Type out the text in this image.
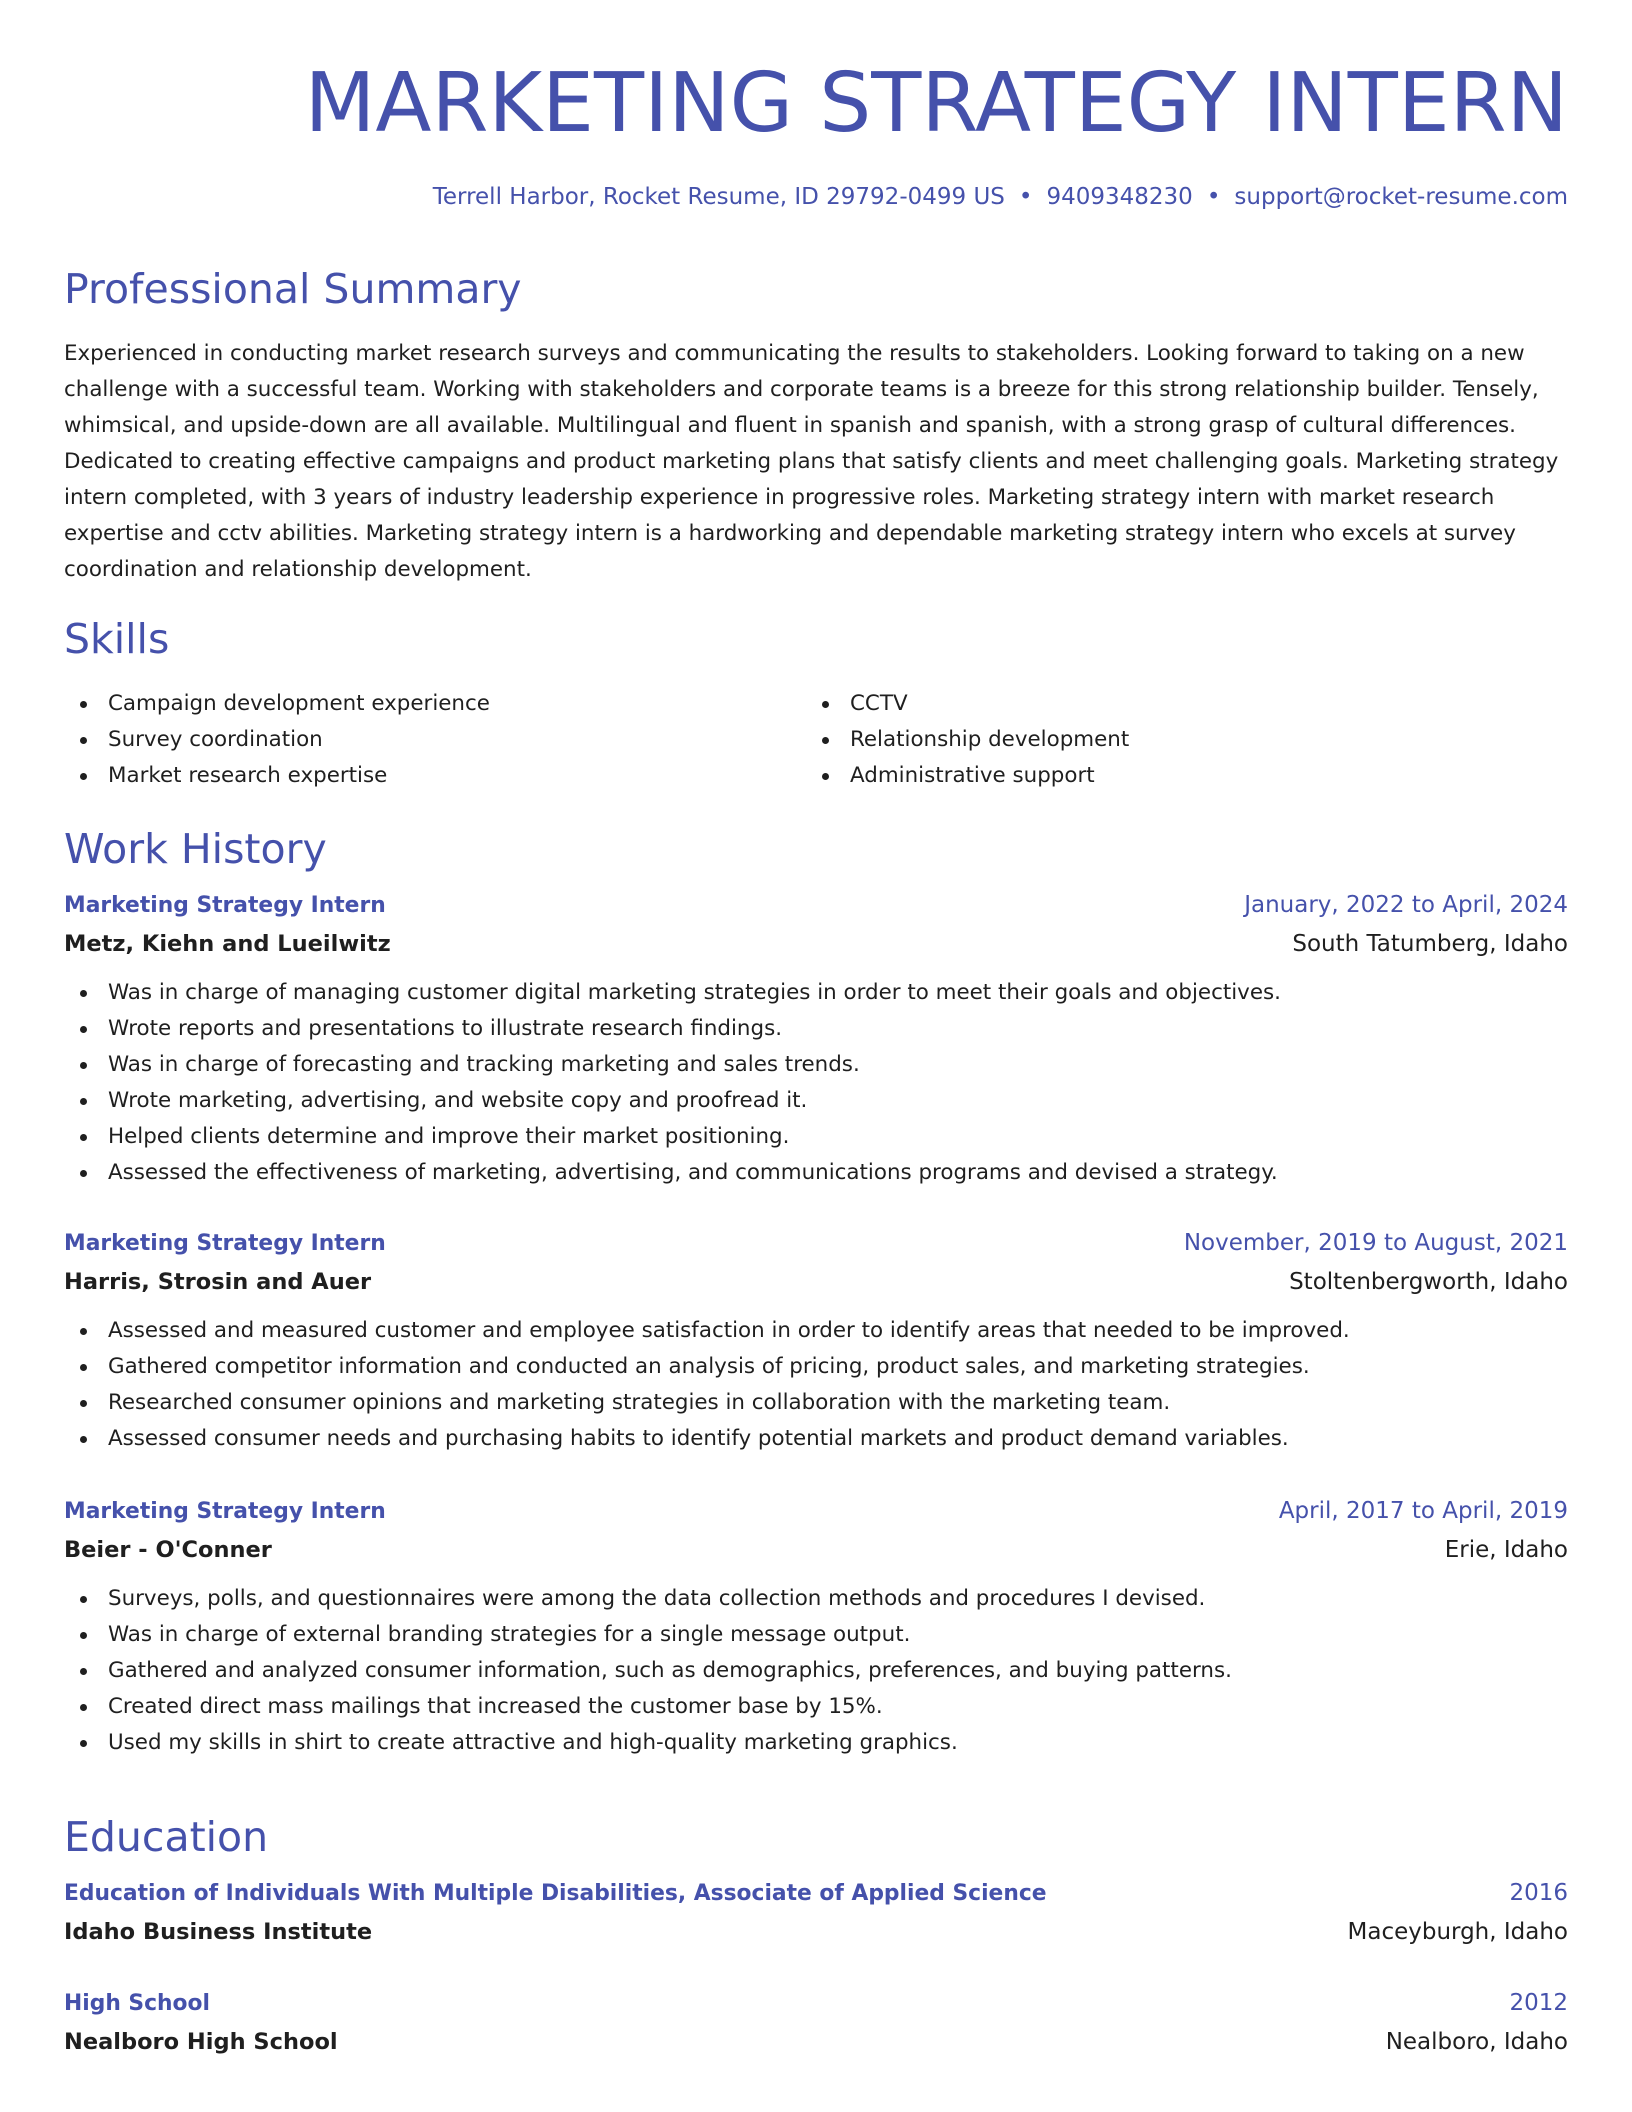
MARKETING STRATEGY INTERN
Terrell Harbor, Rocket Resume, ID 29792-0499 US • 9409348230 • support@rocket-resume.com
Professional Summary
Experienced in conducting market research surveys and communicating the results to stakeholders. Looking forward to taking on a new challenge with a successful team. Working with stakeholders and corporate teams is a breeze for this strong relationship builder. Tensely, whimsical, and upside-down are all available. Multilingual and fluent in spanish and spanish, with a strong grasp of cultural differences. Dedicated to creating effective campaigns and product marketing plans that satisfy clients and meet challenging goals. Marketing strategy intern completed, with 3 years of industry leadership experience in progressive roles. Marketing strategy intern with market research expertise and cctv abilities. Marketing strategy intern is a hardworking and dependable marketing strategy intern who excels at survey coordination and relationship development.
Skills
Campaign development experience
Survey coordination
Market research expertise
CCTV
Relationship development
Administrative support
Work History
Marketing Strategy Intern	January, 2022 to April, 2024
Metz, Kiehn and Lueilwitz	South Tatumberg, Idaho
Was in charge of managing customer digital marketing strategies in order to meet their goals and objectives.
Wrote reports and presentations to illustrate research findings.
Was in charge of forecasting and tracking marketing and sales trends.
Wrote marketing, advertising, and website copy and proofread it.
Helped clients determine and improve their market positioning.
Assessed the effectiveness of marketing, advertising, and communications programs and devised a strategy.
Marketing Strategy Intern	November, 2019 to August, 2021
Harris, Strosin and Auer	Stoltenbergworth, Idaho
Assessed and measured customer and employee satisfaction in order to identify areas that needed to be improved.
Gathered competitor information and conducted an analysis of pricing, product sales, and marketing strategies.
Researched consumer opinions and marketing strategies in collaboration with the marketing team.
Assessed consumer needs and purchasing habits to identify potential markets and product demand variables.
Marketing Strategy Intern	April, 2017 to April, 2019
Beier - O'Conner	Erie, Idaho
Surveys, polls, and questionnaires were among the data collection methods and procedures I devised.
Was in charge of external branding strategies for a single message output.
Gathered and analyzed consumer information, such as demographics, preferences, and buying patterns.
Created direct mass mailings that increased the customer base by 15%.
Used my skills in shirt to create attractive and high-quality marketing graphics.
Education
Education of Individuals With Multiple Disabilities, Associate of Applied Science	2016
Idaho Business Institute	Maceyburgh, Idaho
High School	2012
Nealboro High School	Nealboro, Idaho
